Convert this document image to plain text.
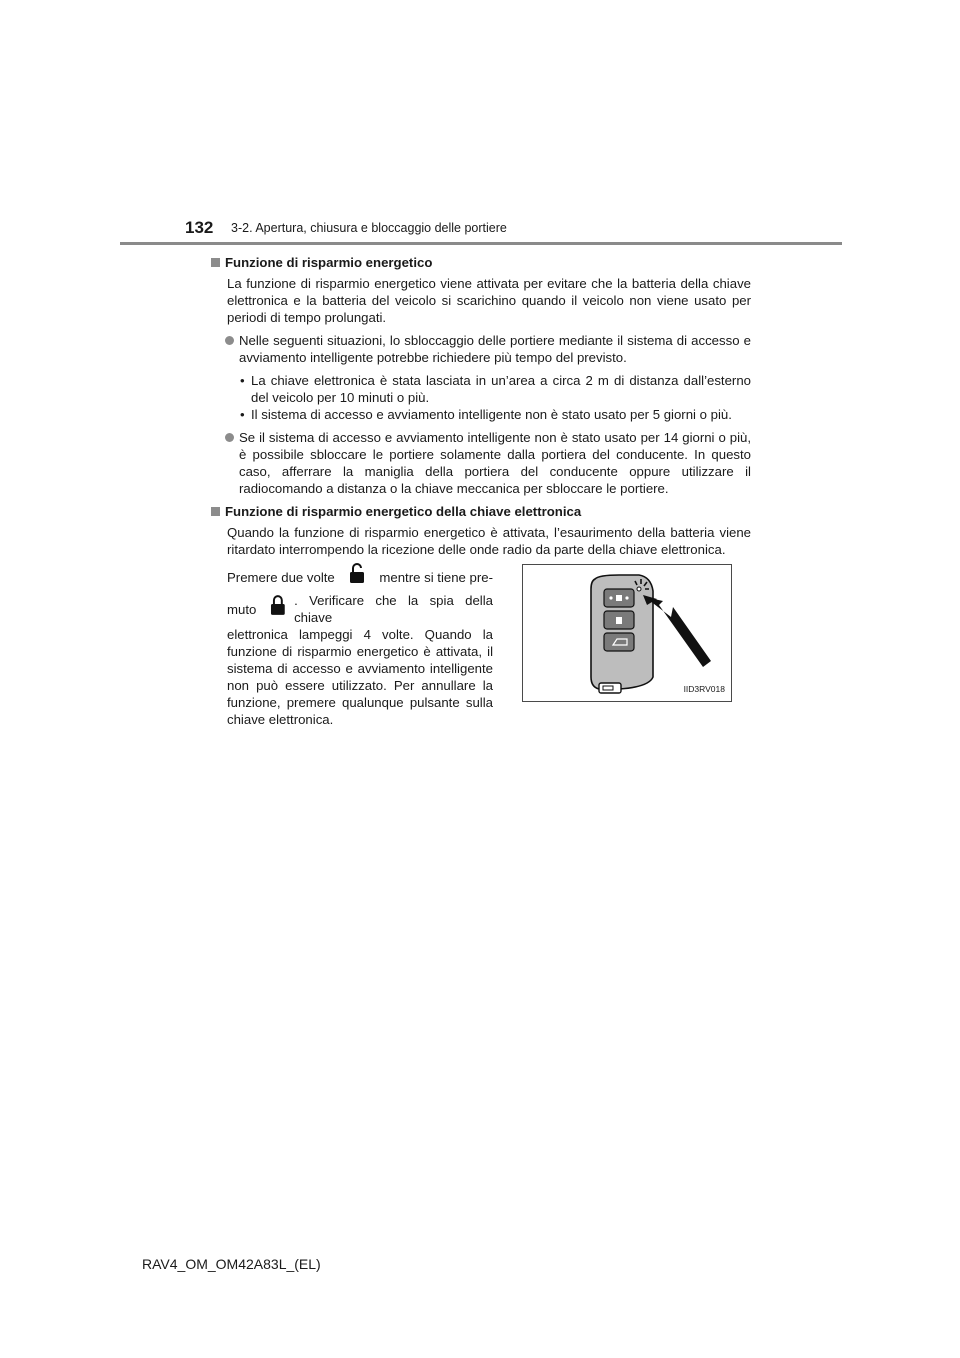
132 3-2. Apertura, chiusura e bloccaggio delle portiere
Funzione di risparmio energetico

La funzione di risparmio energetico viene attivata per evitare che la batteria della chiave elettronica e la batteria del veicolo si scarichino quando il veicolo non viene usato per periodi di tempo prolungati.

Nelle seguenti situazioni, lo sbloccaggio delle portiere mediante il sistema di accesso e avviamento intelligente potrebbe richiedere più tempo del previsto.
• La chiave elettronica è stata lasciata in un’area a circa 2 m di distanza dall’esterno del veicolo per 10 minuti o più.
• Il sistema di accesso e avviamento intelligente non è stato usato per 5 giorni o più.
Se il sistema di accesso e avviamento intelligente non è stato usato per 14 giorni o più, è possibile sbloccare le portiere solamente dalla portiera del conducente. In questo caso, afferrare la maniglia della portiera del conducente oppure utilizzare il radiocomando a distanza o la chiave meccanica per sbloccare le portiere.
Funzione di risparmio energetico della chiave elettronica

Quando la funzione di risparmio energetico è attivata, l’esaurimento della batteria viene ritardato interrompendo la ricezione delle onde radio da parte della chiave elettronica.

Premere due volte	mentre si tiene pre-
muto
. Verificare che la spia della chiave
elettronica lampeggi 4 volte. Quando la funzione di risparmio energetico è attivata, il sistema di accesso e avviamento intelligente non può essere utilizzato. Per annullare la funzione, premere qualunque pulsante sulla chiave elettronica.
IID3RV018
RAV4_OM_OM42A83L_(EL)
